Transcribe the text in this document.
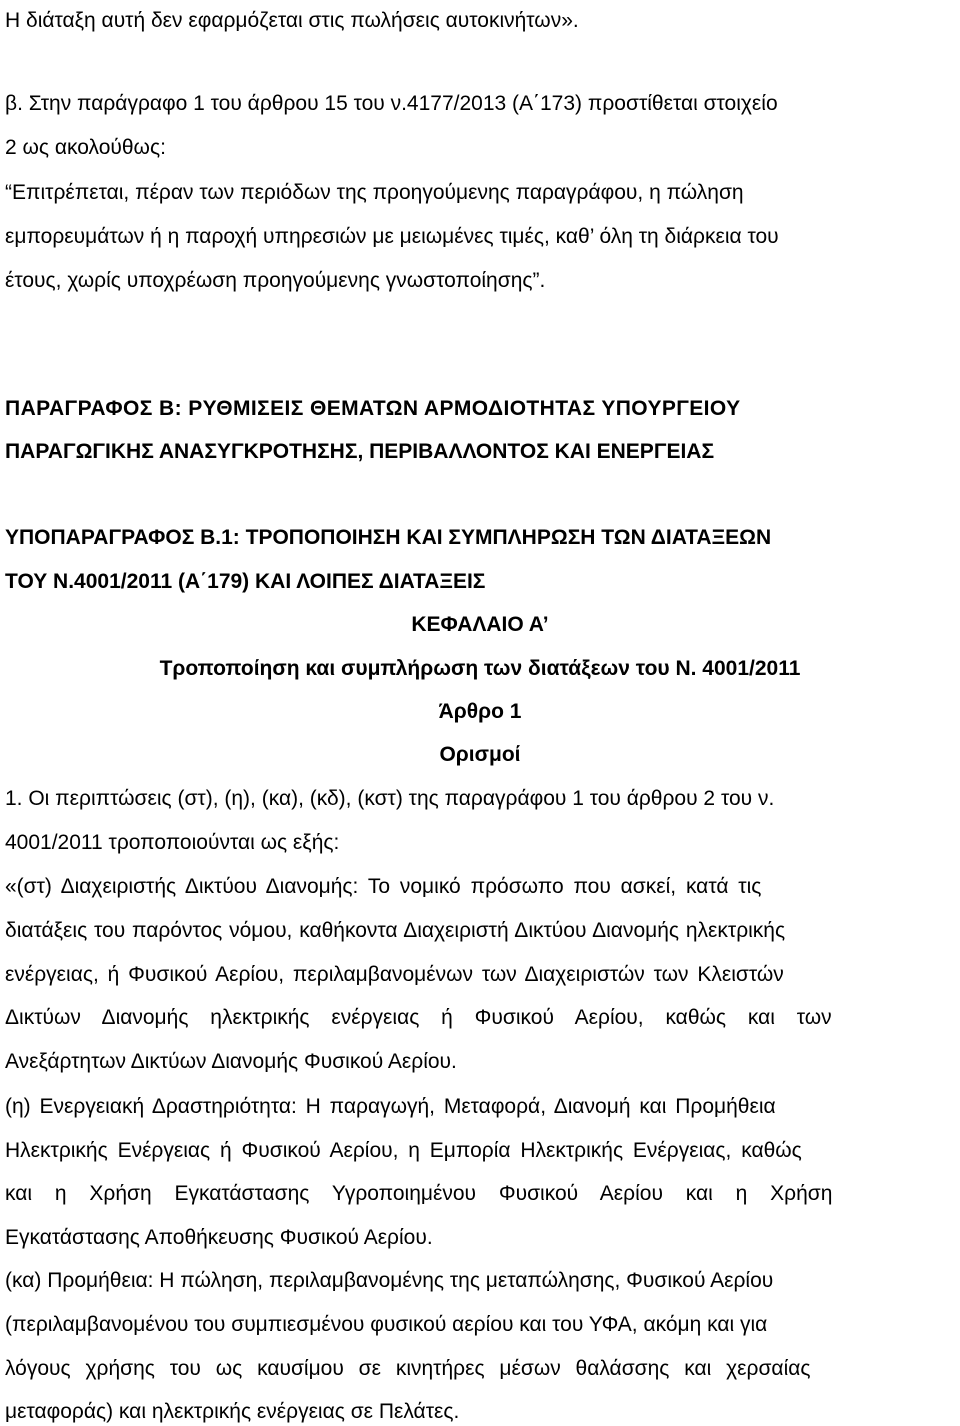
Η διάταξη αυτή δεν εφαρμόζεται στις πωλήσεις αυτοκινήτων».
β. Στην παράγραφο 1 του άρθρου 15 του ν.4177/2013 (Α΄173) προστίθεται στοιχείο
2 ως ακολούθως:
“Επιτρέπεται, πέραν των περιόδων της προηγούμενης παραγράφου, η πώληση
εμπορευμάτων ή η παροχή υπηρεσιών με μειωμένες τιμές, καθ’ όλη τη διάρκεια του
έτους, χωρίς υποχρέωση προηγούμενης γνωστοποίησης”.
ΠΑΡΑΓΡΑΦΟΣ Β: ΡΥΘΜΙΣΕΙΣ ΘΕΜΑΤΩΝ ΑΡΜΟΔΙΟΤΗΤΑΣ ΥΠΟΥΡΓΕΙΟΥ
ΠΑΡΑΓΩΓΙΚΗΣ ΑΝΑΣΥΓΚΡΟΤΗΣΗΣ, ΠΕΡΙΒΑΛΛΟΝΤΟΣ ΚΑΙ ΕΝΕΡΓΕΙΑΣ
ΥΠΟΠΑΡΑΓΡΑΦΟΣ Β.1: ΤΡΟΠΟΠΟΙΗΣΗ ΚΑΙ ΣΥΜΠΛΗΡΩΣΗ ΤΩΝ ΔΙΑΤΑΞΕΩΝ
ΤΟΥ Ν.4001/2011 (Α΄179) ΚΑΙ ΛΟΙΠΕΣ ΔΙΑΤΑΞΕΙΣ
ΚΕΦΑΛΑΙΟ Α’
Τροποποίηση και συμπλήρωση των διατάξεων του Ν. 4001/2011
Άρθρο 1
Ορισμοί
1. Οι περιπτώσεις (στ), (η), (κα), (κδ), (κστ) της παραγράφου 1 του άρθρου 2 του ν.
4001/2011 τροποποιούνται ως εξής:
«(στ) Διαχειριστής Δικτύου Διανομής: Το νομικό πρόσωπο που ασκεί, κατά τις
διατάξεις του παρόντος νόμου, καθήκοντα Διαχειριστή Δικτύου Διανομής ηλεκτρικής
ενέργειας, ή Φυσικού Αερίου, περιλαμβανομένων των Διαχειριστών των Κλειστών
Δικτύων Διανομής ηλεκτρικής ενέργειας ή Φυσικού Αερίου, καθώς και των
Ανεξάρτητων Δικτύων Διανομής Φυσικού Αερίου.
(η) Ενεργειακή Δραστηριότητα: Η παραγωγή, Μεταφορά, Διανομή και Προμήθεια
Ηλεκτρικής Ενέργειας ή Φυσικού Αερίου, η Εμπορία Ηλεκτρικής Ενέργειας, καθώς
και η Χρήση Εγκατάστασης Υγροποιημένου Φυσικού Αερίου και η Χρήση
Εγκατάστασης Αποθήκευσης Φυσικού Αερίου.
(κα) Προμήθεια: Η πώληση, περιλαμβανομένης της μεταπώλησης, Φυσικού Αερίου
(περιλαμβανομένου του συμπιεσμένου φυσικού αερίου και του ΥΦΑ, ακόμη και για
λόγους χρήσης του ως καυσίμου σε κινητήρες μέσων θαλάσσης και χερσαίας
μεταφοράς) και ηλεκτρικής ενέργειας σε Πελάτες.
